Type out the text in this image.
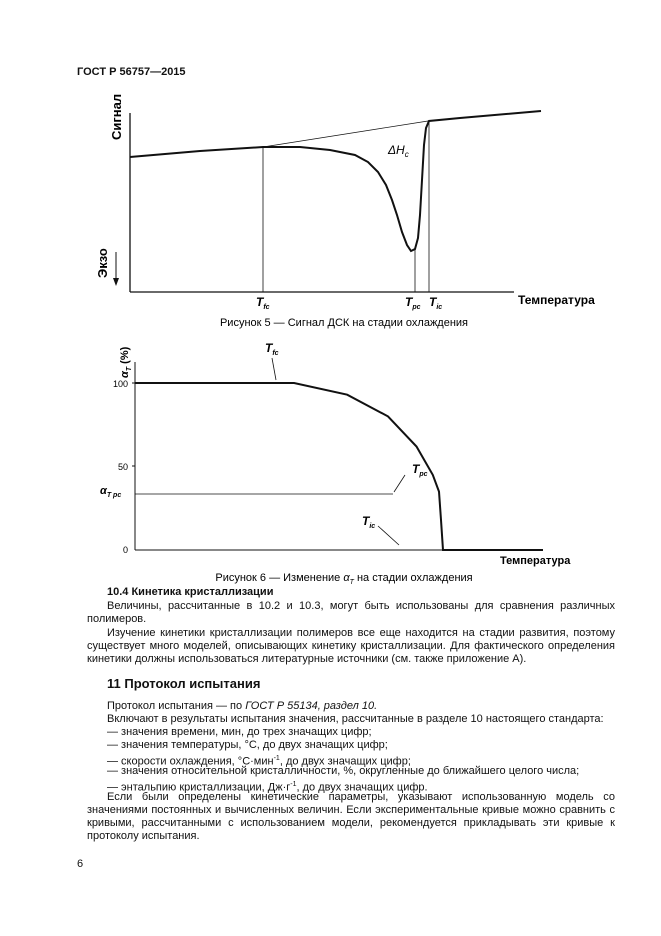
ГОСТ Р 56757—2015
Сигнал
Экзо
$\Delta H_c$
$T_{fc}$	$T_{pc}$ $T_{ic}$
Температура
Рисунок 5 — Сигнал ДСК на стадии охлаждения
$\alpha_T$ (%)
100
50
0
$\alpha_{T pc}$
$T_{fc}$
$T_{pc}$
$T_{ic}$
Температура
Рисунок 6 — Изменение $\alpha_T$ на стадии охлаждения
10.4 Кинетика кристаллизации
Величины, рассчитанные в 10.2 и 10.3, могут быть использованы для сравнения различных полимеров.
Изучение кинетики кристаллизации полимеров все еще находится на стадии развития, поэтому существует много моделей, описывающих кинетику кристаллизации. Для фактического определения кинетики должны использоваться литературные источники (см. также приложение А).
11 Протокол испытания
Протокол испытания — по ГОСТ Р 55134, раздел 10.
Включают в результаты испытания значения, рассчитанные в разделе 10 настоящего стандарта:
— значения времени, мин, до трех значащих цифр;
— значения температуры, °С, до двух значащих цифр;
— скорости охлаждения, °С·мин$^{-1}$, до двух значащих цифр;
— значения относительной кристалличности, %, округленные до ближайшего целого числа;
— энтальпию кристаллизации, $Дж\cdot г^{-1}$, до двух значащих цифр.
Если были определены кинетические параметры, указывают использованную модель со значениями постоянных и вычисленных величин. Если экспериментальные кривые можно сравнить с кривыми, рассчитанными с использованием модели, рекомендуется прикладывать эти кривые к протоколу испытания.
6
